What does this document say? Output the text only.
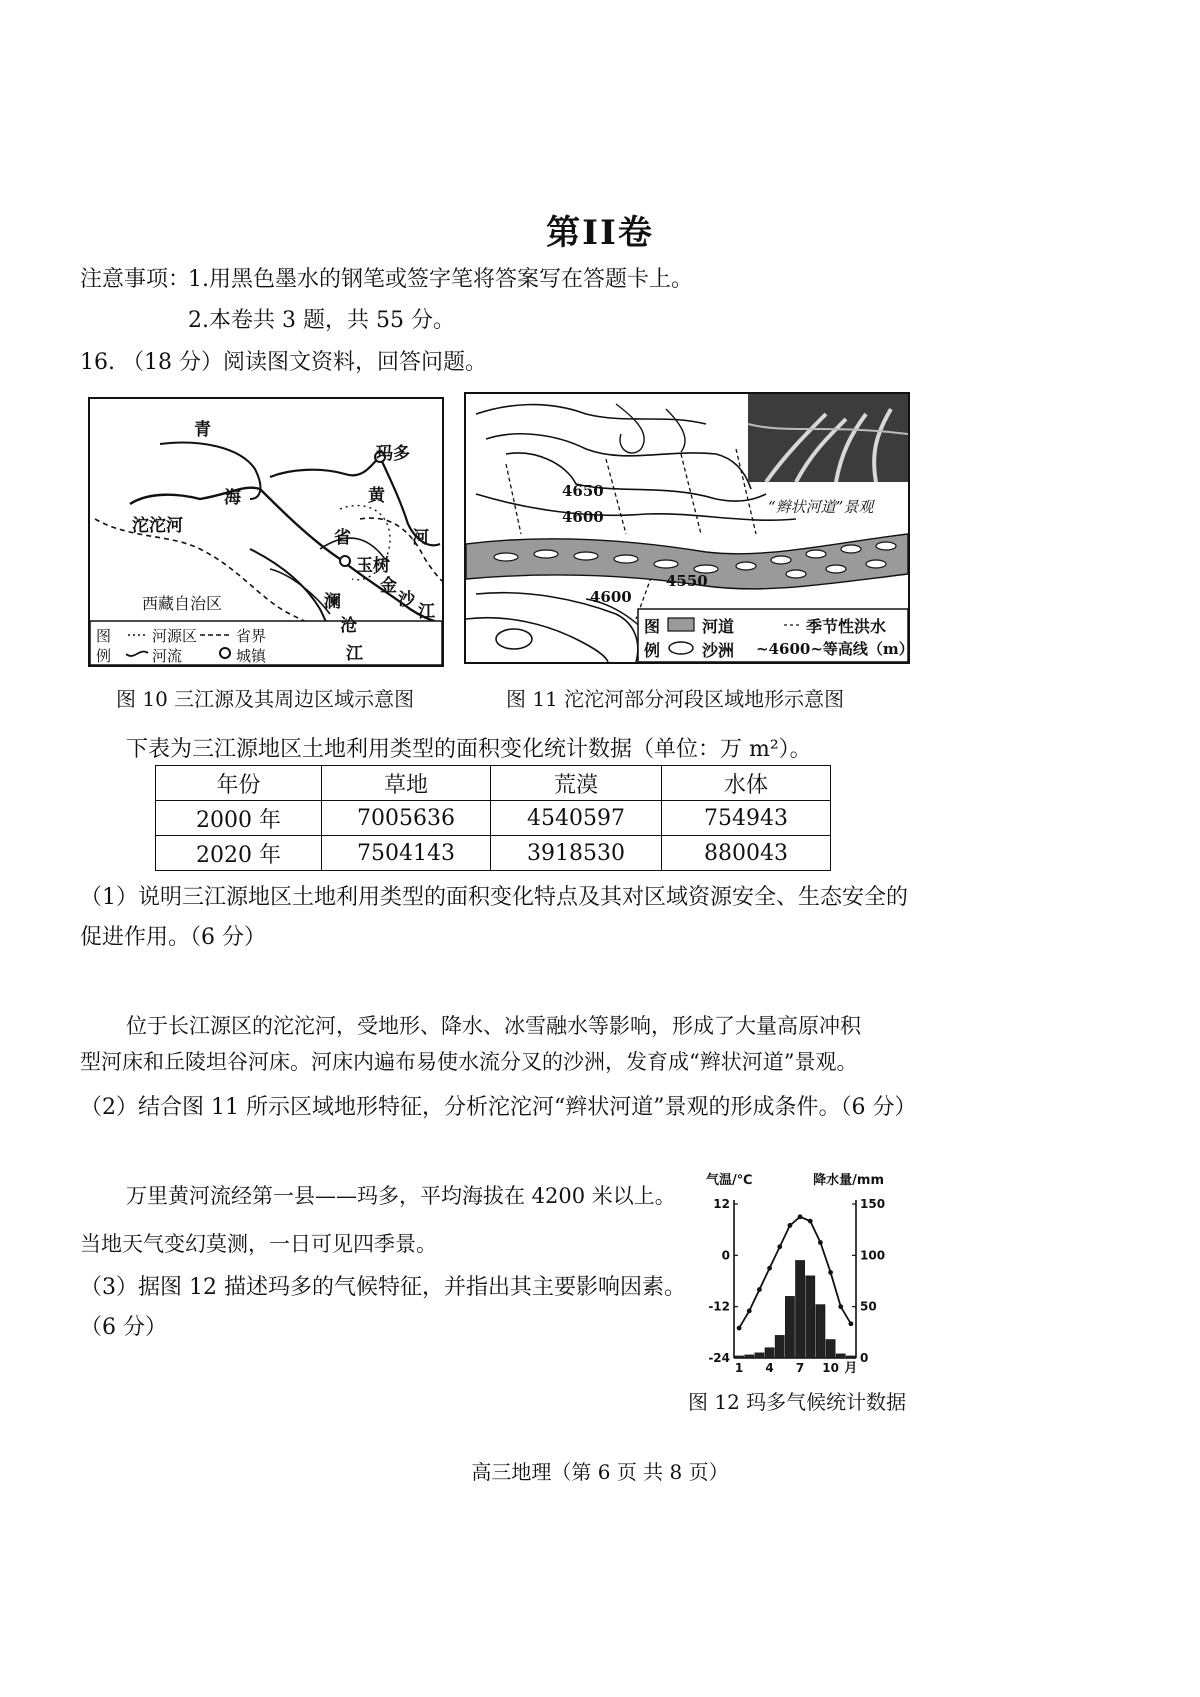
第II卷
注意事项：
1.用黑色墨水的钢笔或签字笔将答案写在答题卡上。
2.本卷共 3 题，共 55 分。
16. （18 分）阅读图文资料，回答问题。
青
玛多
黄
海
沱沱河
省	河
玉树
金
沙
江
澜
沧
江
西藏自治区
图
例
河源区	省界
河流	城镇
图 10 三江源及其周边区域示意图
“辫状河道”景观
4650
4600
4550
4600
图
例
河道	季节性洪水
沙洲 ~4600~等高线（m）
图 11 沱沱河部分河段区域地形示意图
下表为三江源地区土地利用类型的面积变化统计数据（单位：万 m²）。
年份	草地	荒漠	水体
2000 年	7005636	4540597	754943
2020 年	7504143	3918530	880043
（1）说明三江源地区土地利用类型的面积变化特点及其对区域资源安全、生态安全的
促进作用。（6 分）
位于长江源区的沱沱河，受地形、降水、冰雪融水等影响，形成了大量高原冲积
型河床和丘陵坦谷河床。河床内遍布易使水流分叉的沙洲，发育成“辫状河道”景观。
（2）结合图 11 所示区域地形特征，分析沱沱河“辫状河道”景观的形成条件。（6 分）
万里黄河流经第一县——玛多，平均海拔在 4200 米以上。
当地天气变幻莫测，一日可见四季景。
（3）据图 12 描述玛多的气候特征，并指出其主要影响因素。
（6 分）
气温/℃	降水量/mm
12
0
-12
-24
150
100
50
0
1 4 7 10 月
图 12 玛多气候统计数据
高三地理（第 6 页 共 8 页）
